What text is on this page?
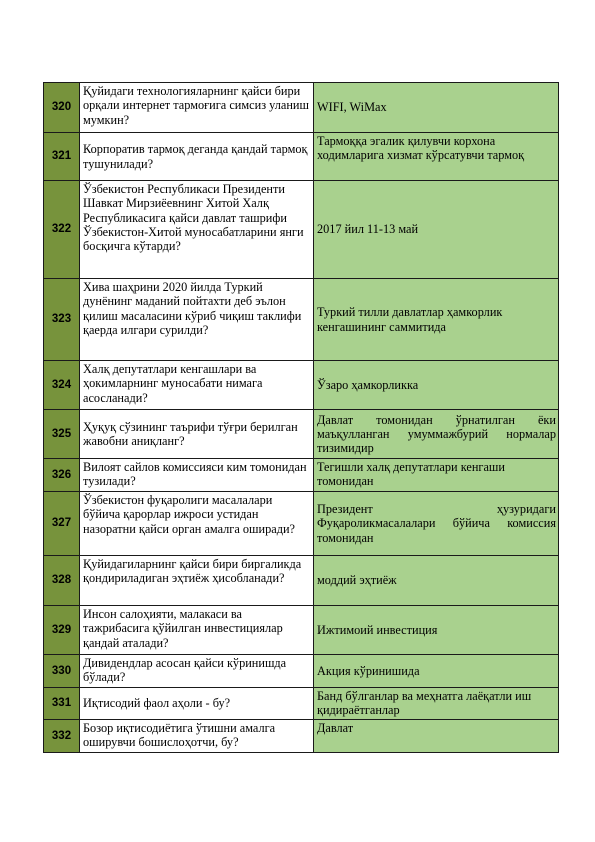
320	Қуйидаги технологияларнинг қайси бири орқали интернет тармоғига симсиз уланиш мумкин?	WIFI, WiMax
321	Корпоратив тармоқ деганда қандай тармоқ тушунилади?	Тармоққа эгалик қилувчи корхона ходимларига хизмат кўрсатувчи тармоқ
322	Ўзбекистон Республикаси Президенти Шавкат Мирзиёевнинг Хитой Халқ Республикасига қайси давлат ташрифи Ўзбекистон-Хитой муносабатларини янги босқичга кўтарди?	2017 йил 11-13 май
323	Хива шаҳрини 2020 йилда Туркий дунёнинг маданий пойтахти деб эълон қилиш масаласини кўриб чиқиш таклифи қаерда илгари сурилди?	Туркий тилли давлатлар ҳамкорлик кенгашининг саммитида
324	Халқ депутатлари кенгашлари ва ҳокимларнинг муносабати нимага асосланади?	Ўзаро ҳамкорликка
325	Ҳуқуқ сўзининг таърифи тўғри берилган жавобни аниқланг?	Давлат томонидан ўрнатилган ёки маъқулланган умуммажбурий нормалар тизимидир
326	Вилоят сайлов комиссияси ким томонидан тузилади?	Тегишли халқ депутатлари кенгаши томонидан
327	Ўзбекистон фуқаролиги масалалари бўйича қарорлар ижроси устидан назоратни қайси орган амалга оширади?	Президент ҳузуридаги Фуқароликмасалалари бўйича комиссия томонидан
328	Қуйидагиларнинг қайси бири биргаликда қондириладиган эҳтиёж ҳисобланади?	моддий эҳтиёж
329	Инсон салоҳияти, малакаси ва тажрибасига қўйилган инвестициялар қандай аталади?	Ижтимоий инвестиция
330	Дивидендлар асосан қайси кўринишда бўлади?	Акция кўринишида
331	Иқтисодий фаол аҳоли - бу?	Банд бўлганлар ва меҳнатга лаёқатли иш қидираётганлар
332	Бозор иқтисодиётига ўтишни амалга оширувчи бошислоҳотчи, бу?	Давлат
